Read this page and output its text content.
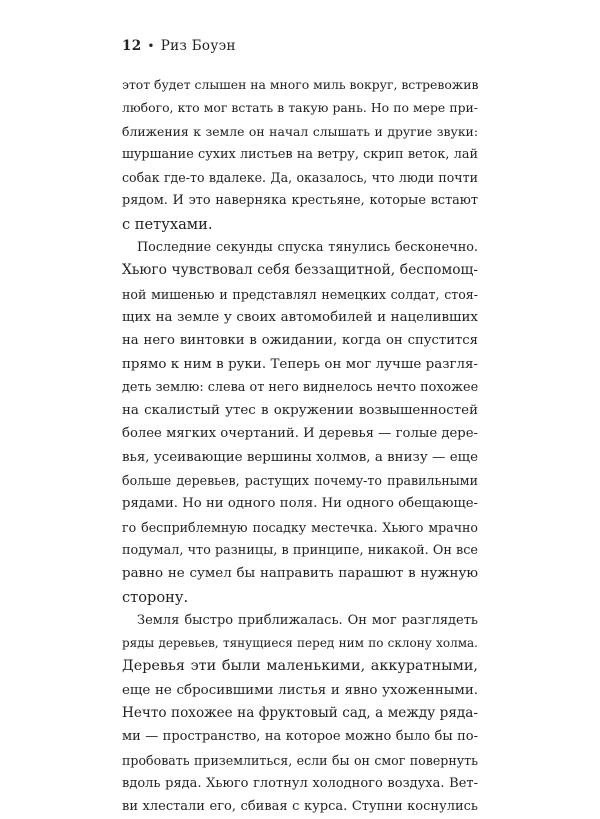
12 • Риз Боуэн
этот будет слышен на много миль вокруг, встревожив
любого, кто мог встать в такую рань. Но по мере при-
ближения к земле он начал слышать и другие звуки:
шуршание сухих листьев на ветру, скрип веток, лай
собак где-то вдалеке. Да, оказалось, что люди почти
рядом. И это наверняка крестьяне, которые встают
с петухами.
Последние секунды спуска тянулись бесконечно.
Хьюго чувствовал себя беззащитной, беспомощ-
ной мишенью и представлял немецких солдат, стоя-
щих на земле у своих автомобилей и нацеливших
на него винтовки в ожидании, когда он спустится
прямо к ним в руки. Теперь он мог лучше разгля-
деть землю: слева от него виднелось нечто похожее
на скалистый утес в окружении возвышенностей
более мягких очертаний. И деревья — голые дере-
вья, усеивающие вершины холмов, а внизу — еще
больше деревьев, растущих почему-то правильными
рядами. Но ни одного поля. Ни одного обещающе-
го бесприблемную посадку местечка. Хьюго мрачно
подумал, что разницы, в принципе, никакой. Он все
равно не сумел бы направить парашют в нужную
сторону.
Земля быстро приближалась. Он мог разглядеть
ряды деревьев, тянущиеся перед ним по склону холма.
Деревья эти были маленькими, аккуратными,
еще не сбросившими листья и явно ухоженными.
Нечто похожее на фруктовый сад, а между ряда-
ми — пространство, на которое можно было бы по-
пробовать приземлиться, если бы он смог повернуть
вдоль ряда. Хьюго глотнул холодного воздуха. Вет-
ви хлестали его, сбивая с курса. Ступни коснулись
